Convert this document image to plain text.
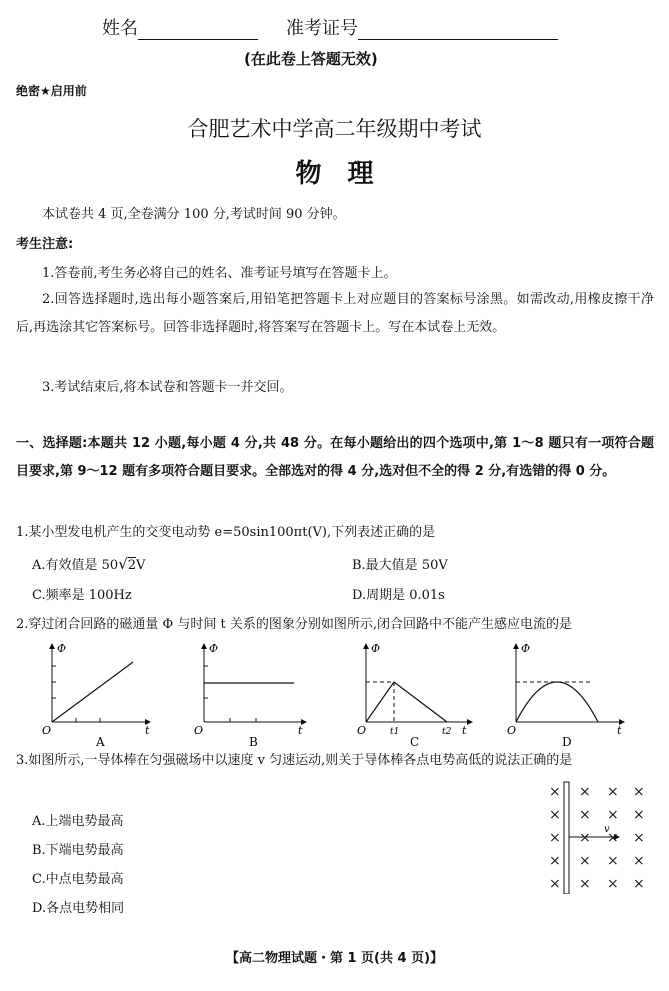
姓名	准考证号
(在此卷上答题无效)
绝密★启用前
合肥艺术中学高二年级期中考试
物　理
本试卷共 4 页,全卷满分 100 分,考试时间 90 分钟。
考生注意:
1.答卷前,考生务必将自己的姓名、准考证号填写在答题卡上。
2.回答选择题时,选出每小题答案后,用铅笔把答题卡上对应题目的答案标号涂黑。如需改动,用橡皮擦干净后,再选涂其它答案标号。回答非选择题时,将答案写在答题卡上。写在本试卷上无效。
3.考试结束后,将本试卷和答题卡一并交回。
一、选择题:本题共 12 小题,每小题 4 分,共 48 分。在每小题给出的四个选项中,第 1～8 题只有一项符合题目要求,第 9～12 题有多项符合题目要求。全部选对的得 4 分,选对但不全的得 2 分,有选错的得 0 分。
1.某小型发电机产生的交变电动势 e=50sin100πt(V),下列表述正确的是
A.有效值是 50√2V	B.最大值是 50V
C.频率是 100Hz	D.周期是 0.01s
2.穿过闭合回路的磁通量 Φ 与时间 t 关系的图象分别如图所示,闭合回路中不能产生感应电流的是
Φ
O	t
A
Φ
O	t
B
Φ
O	t1	t2 t
C
Φ
O	t
D
3.如图所示,一导体棒在匀强磁场中以速度 v 匀速运动,则关于导体棒各点电势高低的说法正确的是
A.上端电势最高
B.下端电势最高
C.中点电势最高
D.各点电势相同
× × × ×
× × × ×
× × × ×
× × × ×
× × × ×
v
【高二物理试题・第 1 页(共 4 页)】
